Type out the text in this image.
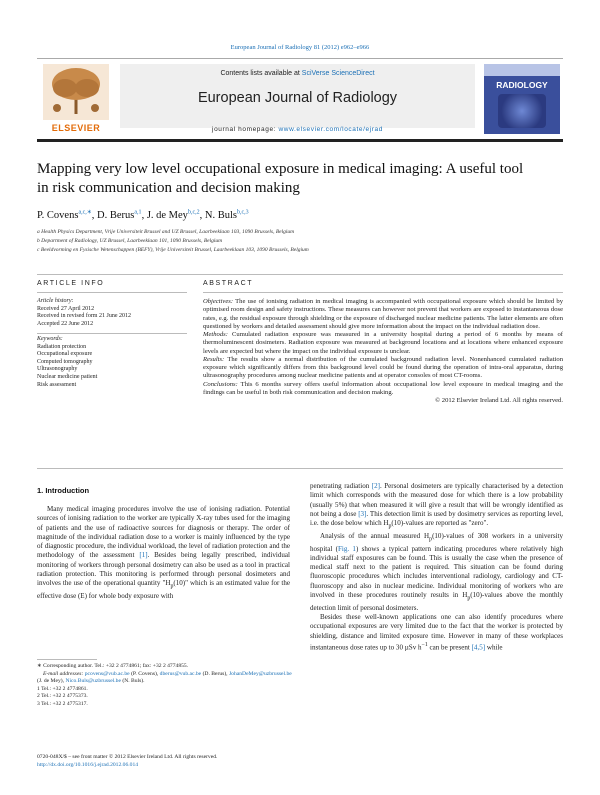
European Journal of Radiology 81 (2012) e962–e966
ELSEVIER
Contents lists available at SciVerse ScienceDirect
European Journal of Radiology
journal homepage: www.elsevier.com/locate/ejrad
RADIOLOGY
Mapping very low level occupational exposure in medical imaging: A useful tool
in risk communication and decision making
P. Covens$^{a,c,∗}$, D. Berus$^{a,1}$, J. de Mey$^{b,c,2}$, N. Buls$^{b,c,3}$
a Health Physics Department, Vrije Universiteit Brussel and UZ Brussel, Laarbeeklaan 103, 1090 Brussels, Belgium
b Department of Radiology, UZ Brussel, Laarbeeklaan 101, 1090 Brussels, Belgium
c Beeldvorming en Fysische Wetenschappen (BEFY), Vrije Universiteit Brussel, Laarbeeklaan 103, 1090 Brussels, Belgium
ARTICLE INFO	ABSTRACT
Article history:
Received 27 April 2012
Received in revised form 21 June 2012
Accepted 22 June 2012
Keywords:
Radiation protection
Occupational exposure
Computed tomography
Ultrasonography
Nuclear medicine patient
Risk assessment
Objectives: The use of ionising radiation in medical imaging is accompanied with occupational exposure which should be limited by optimised room design and safety instructions. These measures can however not prevent that workers are exposed to instantaneous dose rates, e.g. the residual exposure through shielding or the exposure of discharged nuclear medicine patients. The latter elements are often questioned by workers and detailed assessment should give more information about the impact on the individual radiation dose.
Methods: Cumulated radiation exposure was measured in a university hospital during a period of 6 months by means of thermoluminescent dosimeters. Radiation exposure was measured at background locations and at locations where enhanced exposure levels are expected but where the impact on the individual exposure is unclear.
Results: The results show a normal distribution of the cumulated background radiation level. Nonenhanced cumulated radiation exposure which significantly differs from this background level could be found during the operation of intra-oral apparatus, during ultrasonography procedures among nuclear medicine patients and at operator consoles of most CT-rooms.
Conclusions: This 6 months survey offers useful information about occupational low level exposure in medical imaging and the findings can be useful in both risk communication and decision making.
© 2012 Elsevier Ireland Ltd. All rights reserved.
1. Introduction

Many medical imaging procedures involve the use of ionising radiation. Potential sources of ionising radiation to the worker are typically X-ray tubes used for the imaging of patients and the use of radioactive sources for diagnosis or therapy. The order of magnitude of the individual radiation dose to a worker is mainly influenced by the type of diagnostic procedure, the individual workload, the level of radiation protection and the methodology of the assessment [1]. Besides being legally prescribed, individual monitoring of workers through personal dosimetry can also be used as a tool in practical radiation protection. This monitoring is performed through personal dosimeters and involves the use of the operational quantity "$H_p(10)$" which is an estimated value for the effective dose (E) for whole body exposure with

penetrating radiation [2]. Personal dosimeters are typically characterised by a detection limit which corresponds with the measured dose for which there is a low probability (usually 5%) that when measured it will give a result that will be wrongly identified as not being a dose [3]. This detection limit is used by dosimetry services as reporting level, i.e. the dose below which $H_p(10)$-values are reported as "zero".

Analysis of the annual measured $H_p(10)$-values of 308 workers in a university hospital (Fig. 1) shows a typical pattern indicating procedures where relatively high individual staff exposures can be found. This is usually the case when the presence of medical staff next to the patient is required. This situation can be found during fluoroscopic procedures which includes interventional radiology, cardiology and CT-fluoroscopy and also in nuclear medicine. Individual monitoring of workers who are involved in these procedures routinely results in $H_p(10)$-values above the monthly detection limit of personal dosimeters.

Besides these well-known applications one can also identify procedures where occupational exposures are very limited due to the fact that the worker is protected by shielding, distance and limited exposure time. However in many of these workplaces instantaneous dose rates up to 30 µSv $h^{-1}$ can be present [4,5] while

∗ Corresponding author. Tel.: +32 2 4774861; fax: +32 2 4774855.
E-mail addresses: pcovens@vub.ac.be (P. Covens), dberus@vub.ac.be (D. Berus), JohanDeMey@uzbrussel.be (J. de Mey), Nico.Buls@uzbrussel.be (N. Buls).
1 Tel.: +32 2 4774861.
2 Tel.: +32 2 4775373.
3 Tel.: +32 2 4775317.
0720-048X/$ – see front matter © 2012 Elsevier Ireland Ltd. All rights reserved.
http://dx.doi.org/10.1016/j.ejrad.2012.06.014
